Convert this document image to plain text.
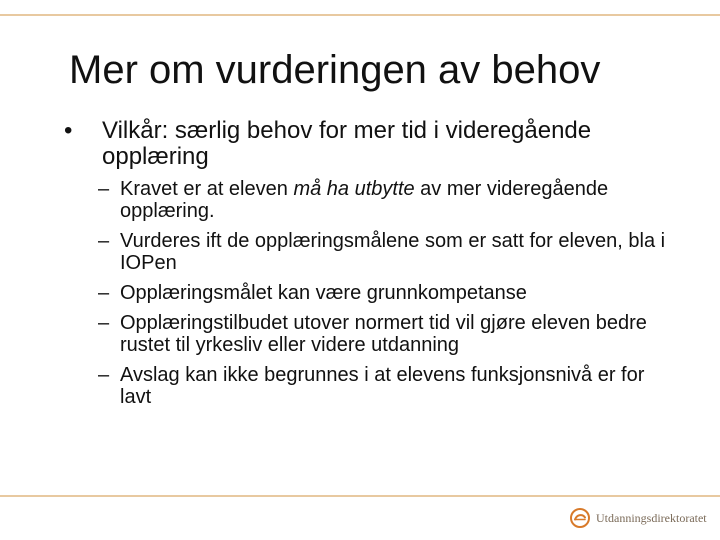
Mer om vurderingen av behov
• Vilkår: særlig behov for mer tid i videregående opplæring
– Kravet er at eleven må ha utbytte av mer videregående opplæring.
– Vurderes ift de opplæringsmålene som er satt for eleven, bla i IOPen
– Opplæringsmålet kan være grunnkompetanse
– Opplæringstilbudet utover normert tid vil gjøre eleven bedre rustet til yrkesliv eller videre utdanning
– Avslag kan ikke begrunnes i at elevens funksjonsnivå er for lavt
Utdanningsdirektoratet
